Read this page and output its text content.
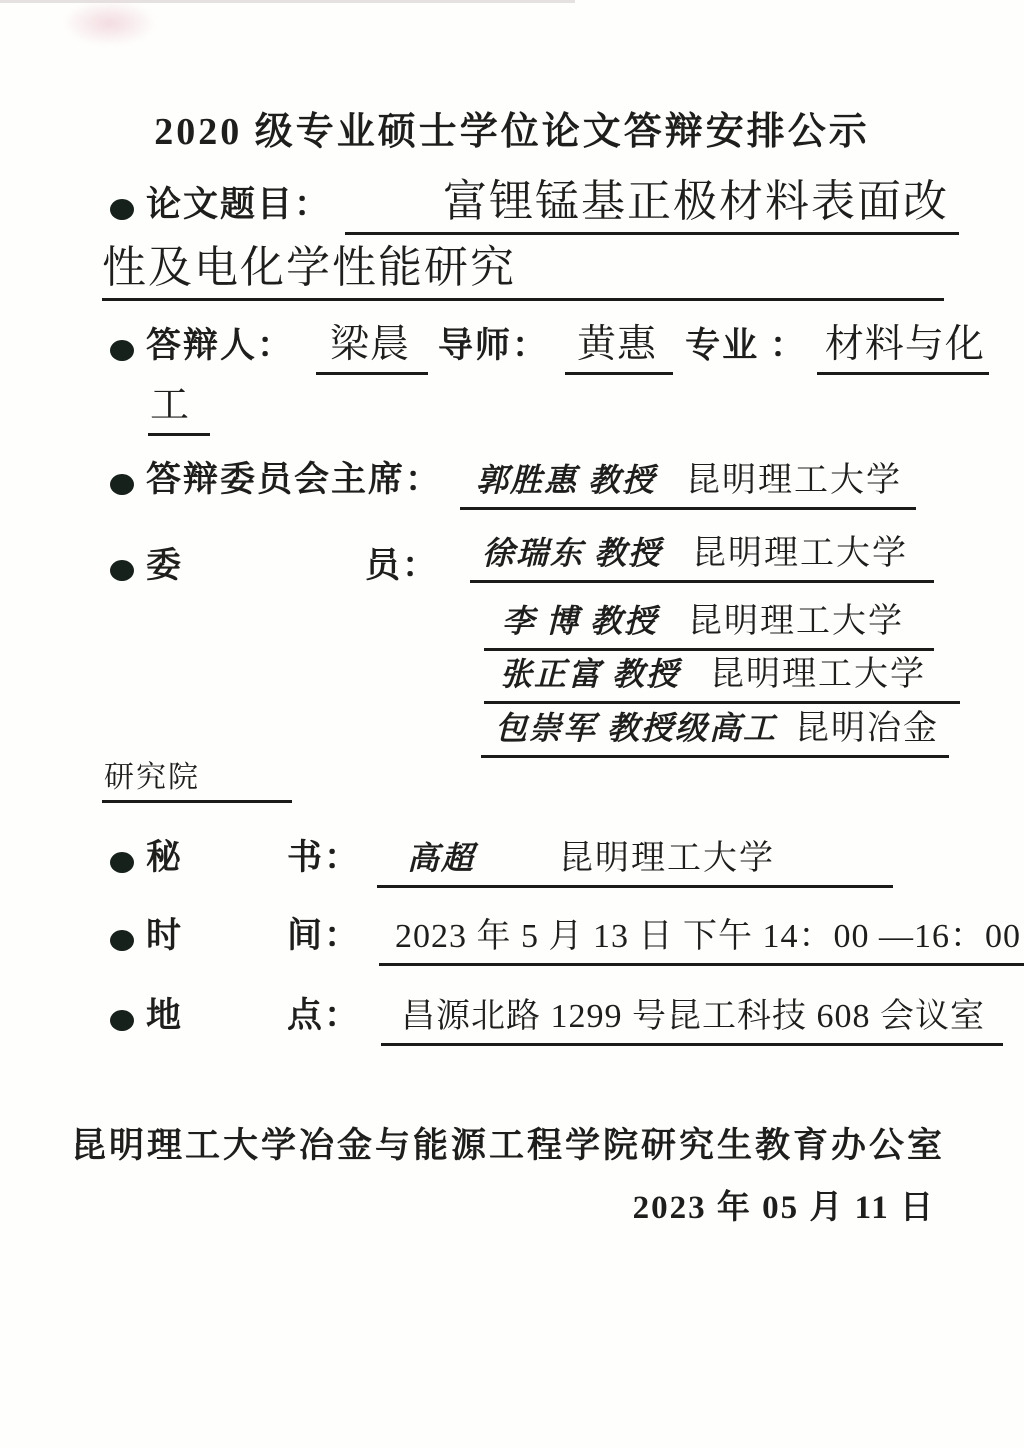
2020 级专业硕士学位论文答辩安排公示
论文题目：	富锂锰基正极材料表面改
性及电化学性能研究
答辩人： 梁晨 导师： 黄惠 专业 ： 材料与化
工
答辩委员会主席： 郭胜惠 教授 昆明理工大学
委	员：	徐瑞东 教授 昆明理工大学
李 博 教授 昆明理工大学
张正富 教授 昆明理工大学
包崇军 教授级高工 昆明冶金
研究院
秘	书： 高超 昆明理工大学
时	间： 2023 年 5 月 13 日 下午 14：00 —16：00
地	点： 昌源北路 1299 号昆工科技 608 会议室
昆明理工大学冶金与能源工程学院研究生教育办公室
2023 年 05 月 11 日
